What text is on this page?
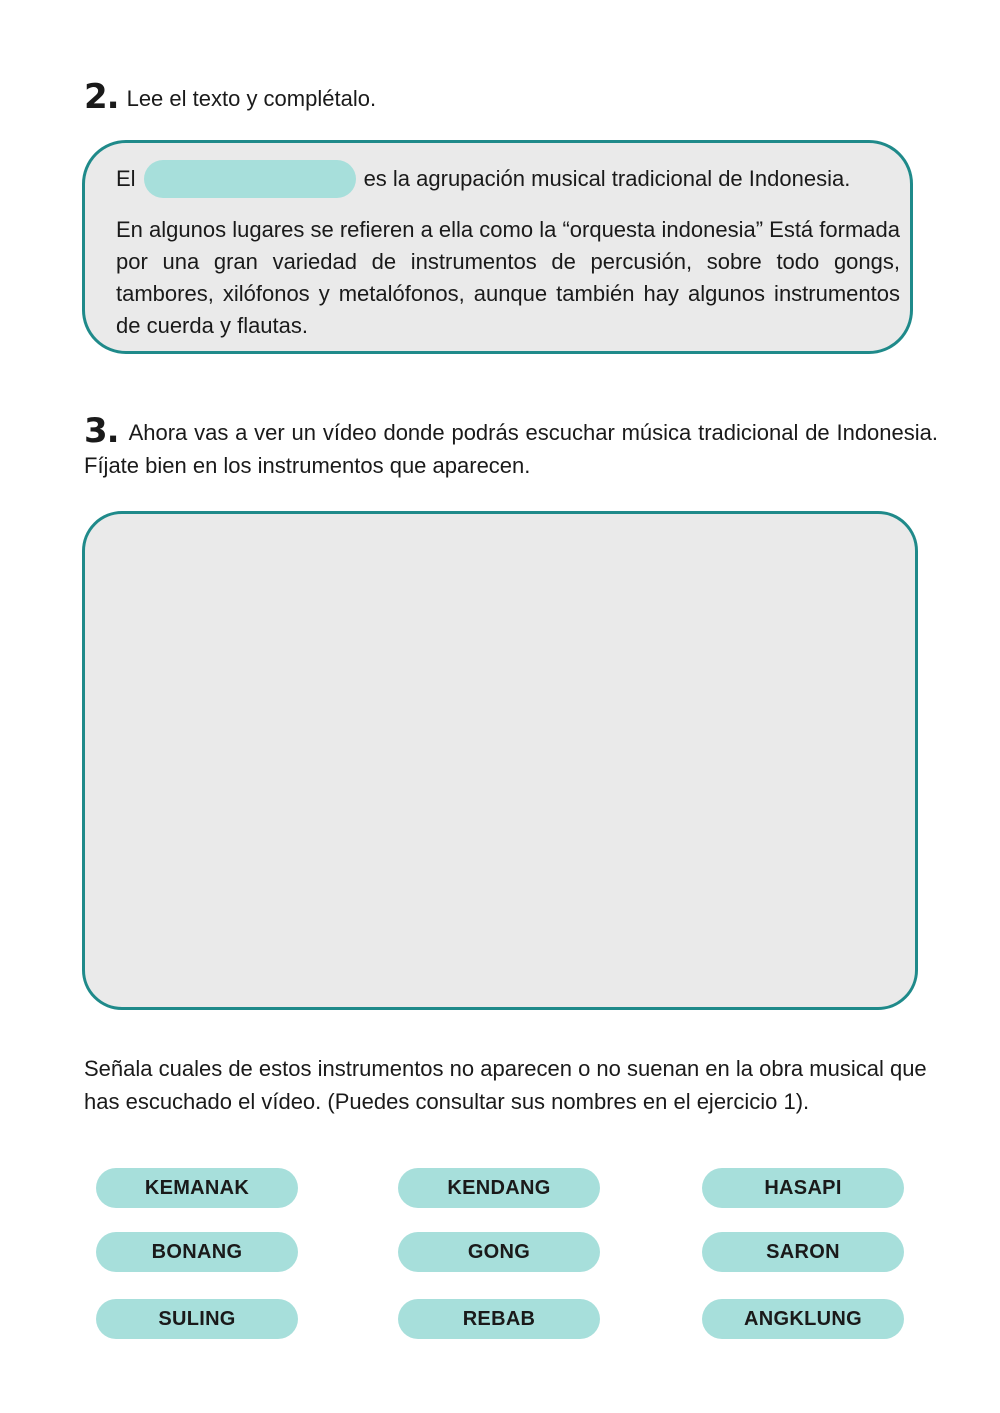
2. Lee el texto y complétalo.
El	es la agrupación musical tradicional de Indonesia.

En algunos lugares se refieren a ella como la “orquesta indonesia” Está formada por una gran variedad de instrumentos de percusión, sobre todo gongs, tambores, xilófonos y metalófonos, aunque también hay algunos instrumentos de cuerda y flautas.

3. Ahora vas a ver un vídeo donde podrás escuchar música tradicional de Indonesia. Fíjate bien en los instrumentos que aparecen.

Señala cuales de estos instrumentos no aparecen o no suenan en la obra musical que has escuchado el vídeo. (Puedes consultar sus nombres en el ejercicio 1).

KEMANAK	KENDANG	HASAPI
BONANG	GONG	SARON
SULING	REBAB	ANGKLUNG
